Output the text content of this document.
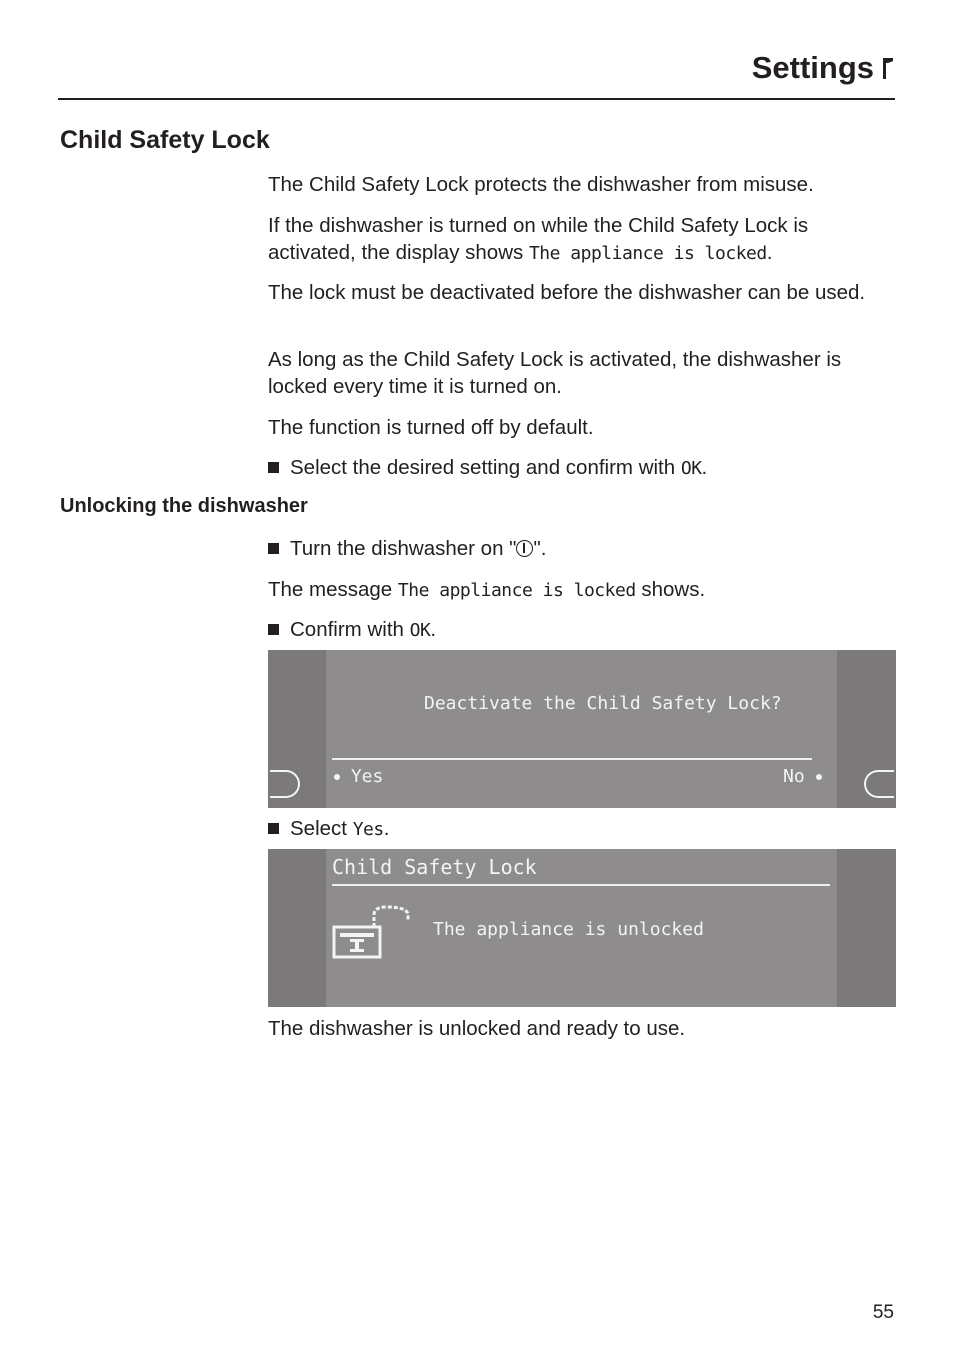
Settings
Child Safety Lock

The Child Safety Lock protects the dishwasher from misuse.

If the dishwasher is turned on while the Child Safety Lock is activated, the display shows The appliance is locked.

The lock must be deactivated before the dishwasher can be used.

As long as the Child Safety Lock is activated, the dishwasher is locked every time it is turned on.

The function is turned off by default.

Select the desired setting and confirm with OK.
Unlocking the dishwasher
Turn the dishwasher on " ".

The message The appliance is locked shows.

Confirm with OK.
Deactivate the Child Safety Lock?
Yes	No
Select Yes.
Child Safety Lock
The appliance is unlocked

The dishwasher is unlocked and ready to use.

55
